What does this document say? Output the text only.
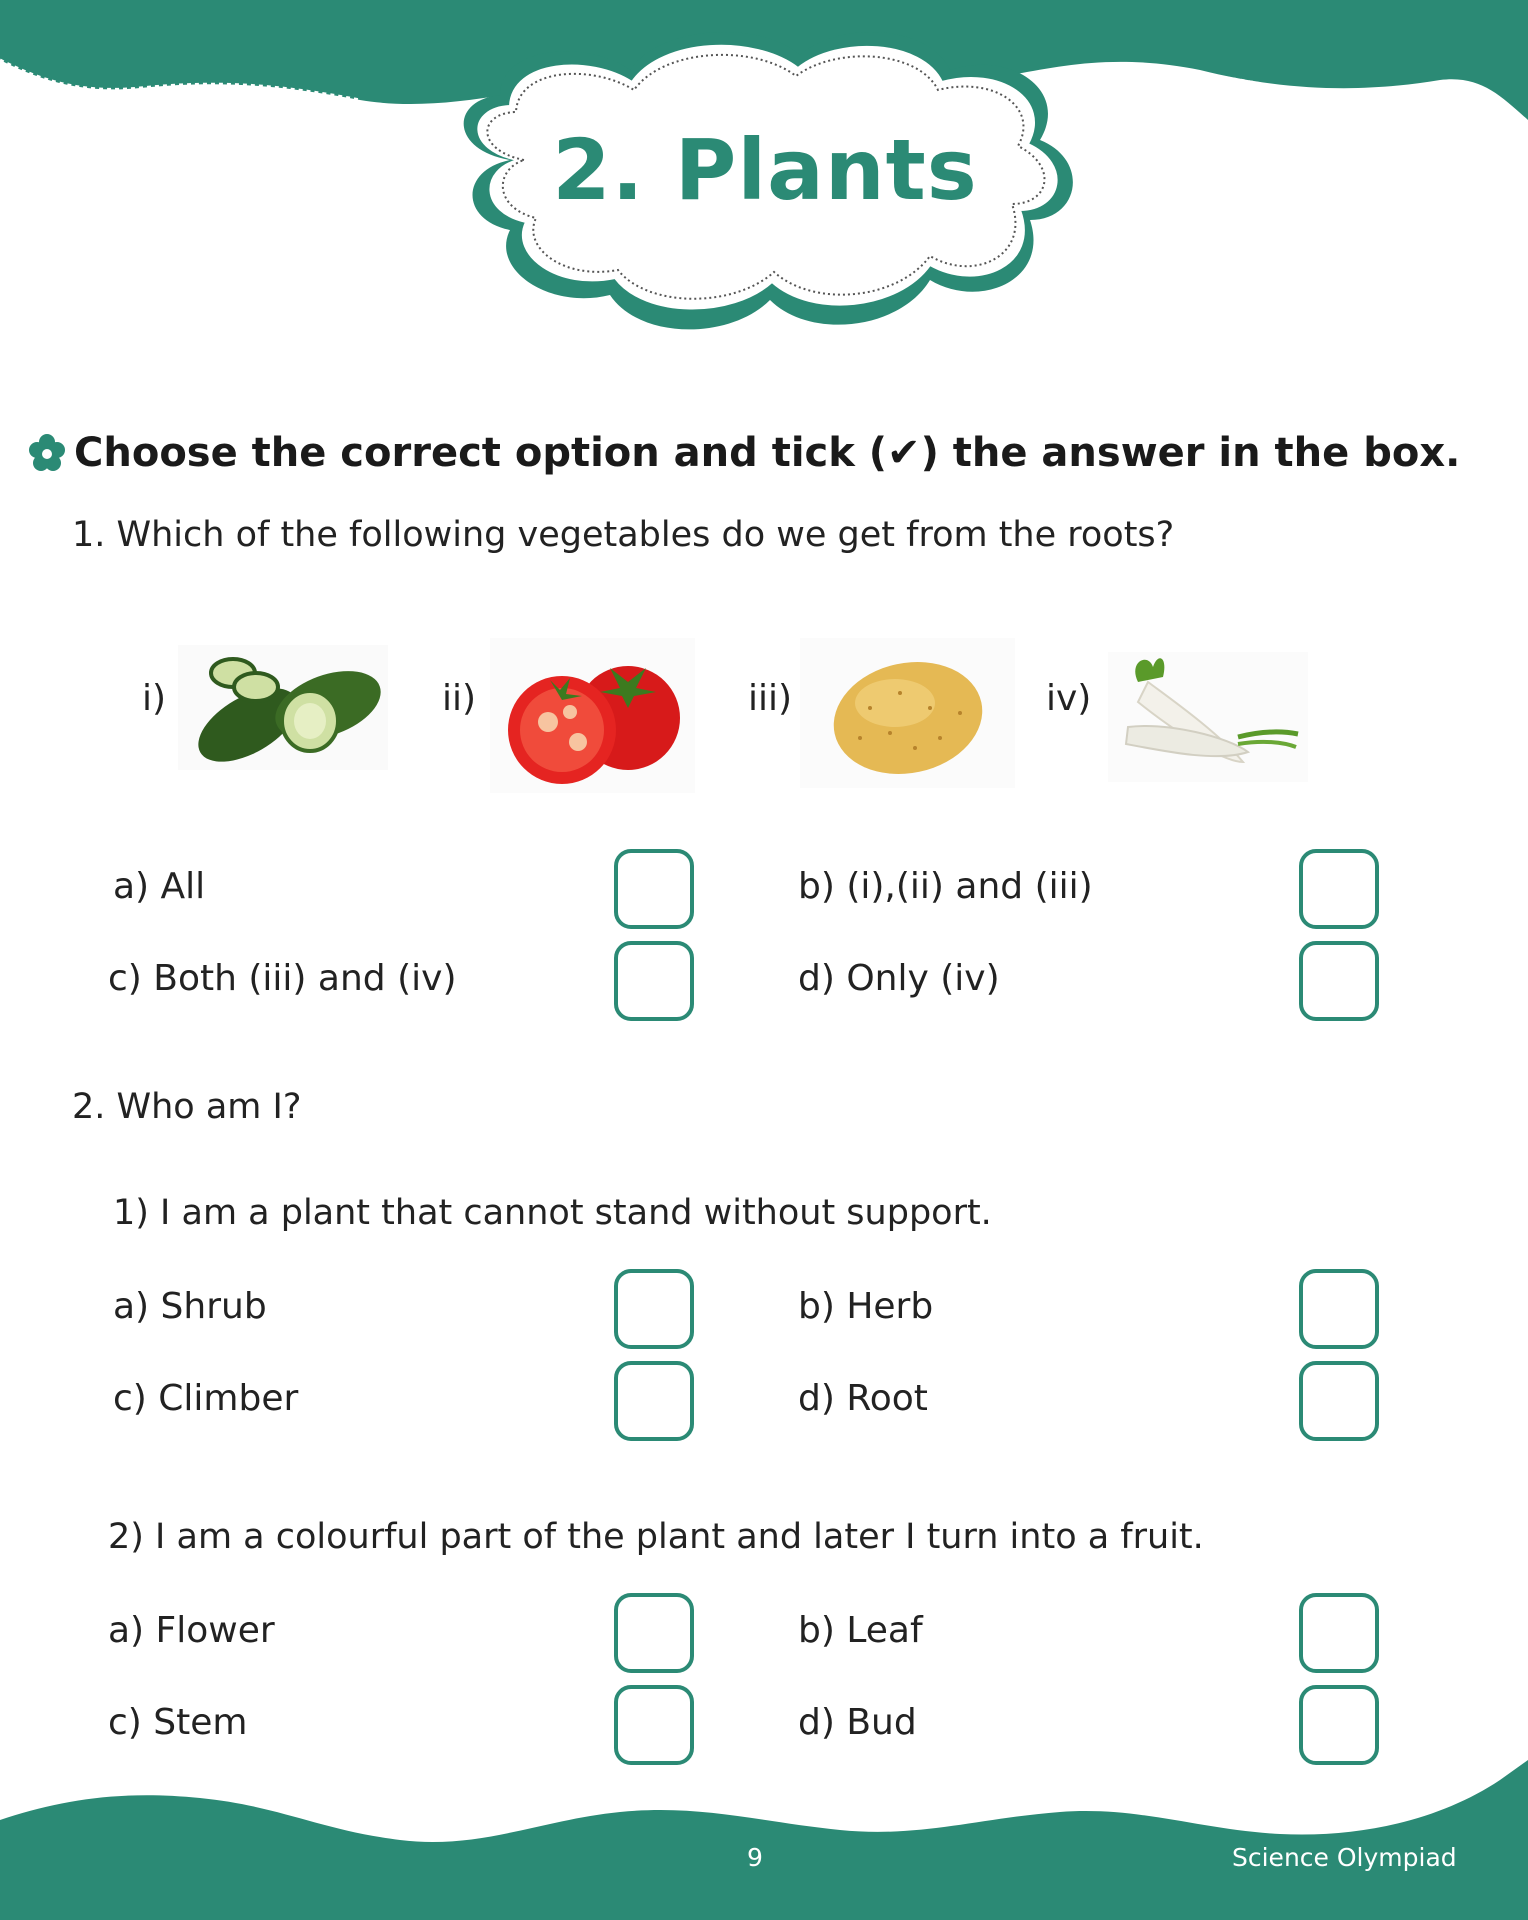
2. Plants
Choose the correct option and tick (✔) the answer in the box.
1. Which of the following vegetables do we get from the roots?
i)	ii)	iii)	iv)
a) All	b) (i),(ii) and (iii)
c) Both (iii) and (iv)	d) Only (iv)
2. Who am I?
1) I am a plant that cannot stand without support.
a) Shrub	b) Herb
c) Climber	d) Root
2) I am a colourful part of the plant and later I turn into a fruit.
a) Flower	b) Leaf
c) Stem	d) Bud
9	Science Olympiad
